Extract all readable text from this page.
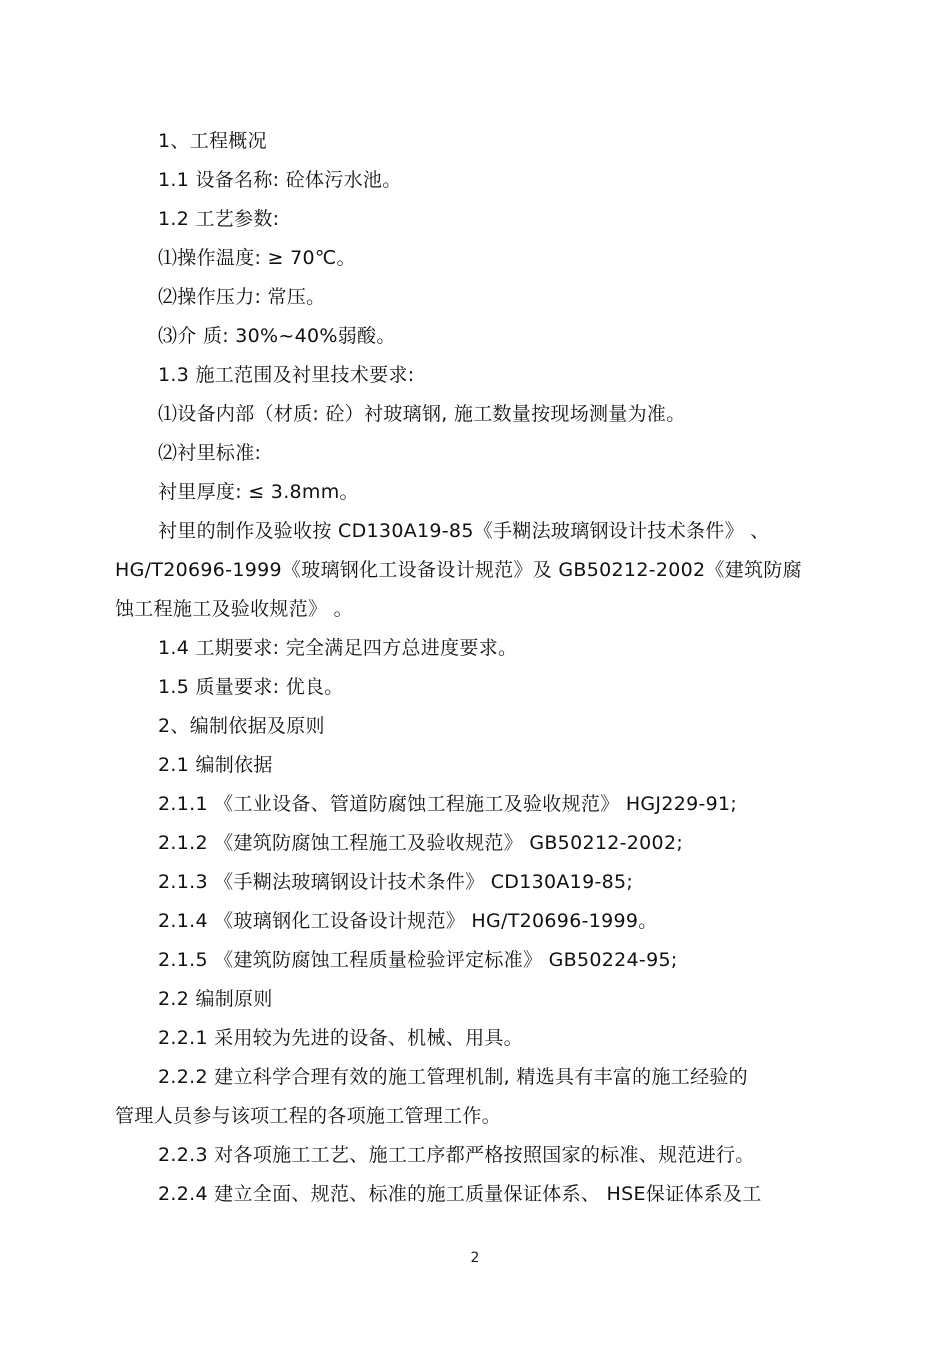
1、工程概况
1.1 设备名称: 砼体污水池。
1.2 工艺参数:
⑴操作温度: ≥ 70℃。
⑵操作压力: 常压。
⑶介 质: 30%~40%弱酸。
1.3 施工范围及衬里技术要求:
⑴设备内部（材质: 砼）衬玻璃钢, 施工数量按现场测量为准。
⑵衬里标准:
衬里厚度: ≤ 3.8mm。
衬里的制作及验收按 CD130A19-85《手糊法玻璃钢设计技术条件》 、
HG/T20696-1999《玻璃钢化工设备设计规范》及 GB50212-2002《建筑防腐
蚀工程施工及验收规范》 。
1.4 工期要求: 完全满足四方总进度要求。
1.5 质量要求: 优良。
2、编制依据及原则
2.1 编制依据
2.1.1 《工业设备、管道防腐蚀工程施工及验收规范》 HGJ229-91;
2.1.2 《建筑防腐蚀工程施工及验收规范》 GB50212-2002;
2.1.3 《手糊法玻璃钢设计技术条件》 CD130A19-85;
2.1.4 《玻璃钢化工设备设计规范》 HG/T20696-1999。
2.1.5 《建筑防腐蚀工程质量检验评定标准》 GB50224-95;
2.2 编制原则
2.2.1 采用较为先进的设备、机械、用具。
2.2.2 建立科学合理有效的施工管理机制, 精选具有丰富的施工经验的
管理人员参与该项工程的各项施工管理工作。
2.2.3 对各项施工工艺、施工工序都严格按照国家的标准、规范进行。
2.2.4 建立全面、规范、标准的施工质量保证体系、 HSE保证体系及工
2
